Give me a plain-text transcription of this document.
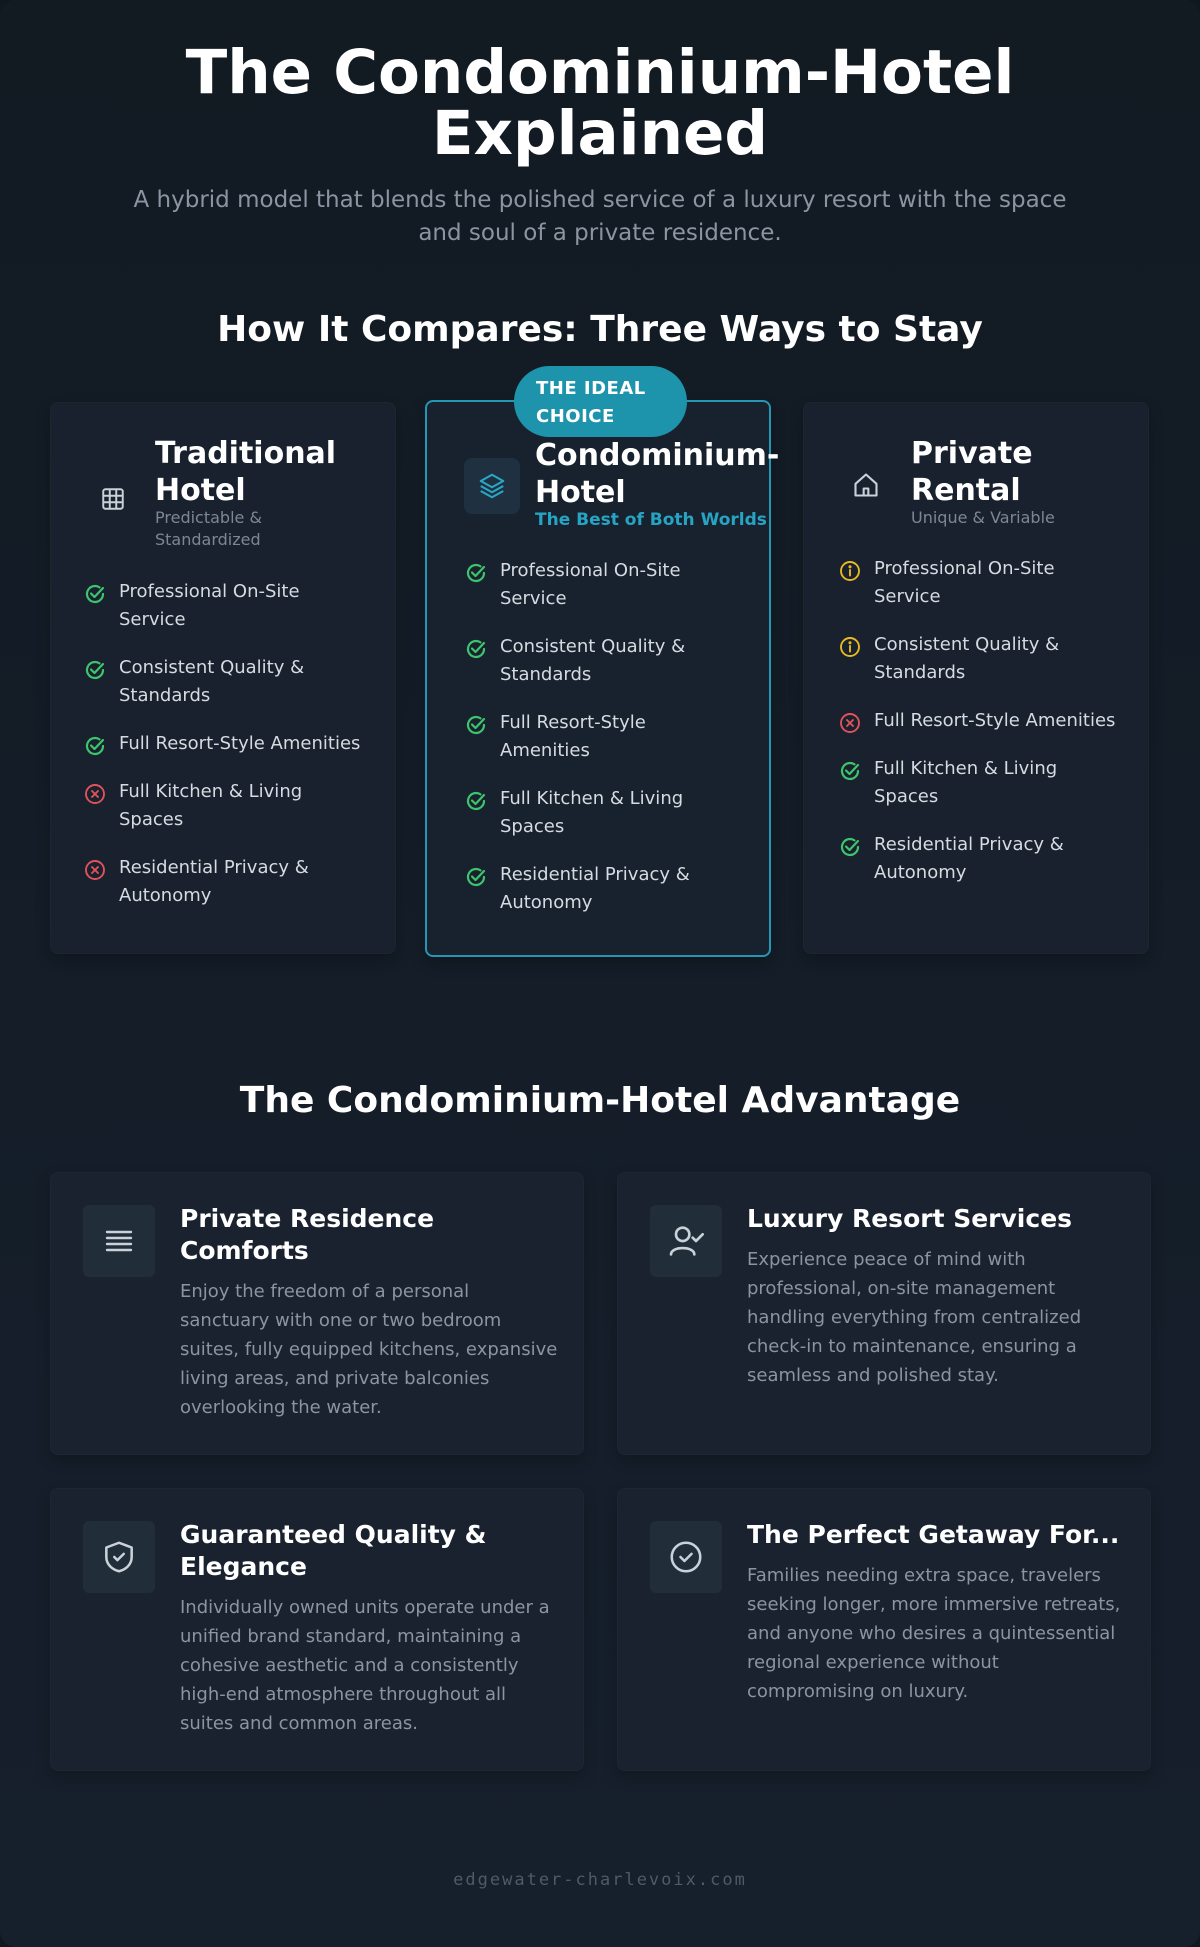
The Condominium-Hotel Explained

A hybrid model that blends the polished service of a luxury resort with the space and soul of a private residence.

How It Compares: Three Ways to Stay
THE IDEAL CHOICE
Traditional Hotel
Predictable & Standardized
Professional On-Site Service
Consistent Quality & Standards
Full Resort-Style Amenities
Full Kitchen & Living Spaces
Residential Privacy & Autonomy
Condominium-Hotel
The Best of Both Worlds
Professional On-Site Service
Consistent Quality & Standards
Full Resort-Style Amenities
Full Kitchen & Living Spaces
Residential Privacy & Autonomy
Private Rental
Unique & Variable
Professional On-Site Service
Consistent Quality & Standards
Full Resort-Style Amenities
Full Kitchen & Living Spaces
Residential Privacy & Autonomy
The Condominium-Hotel Advantage
Private Residence Comforts
Enjoy the freedom of a personal sanctuary with one or two bedroom suites, fully equipped kitchens, expansive living areas, and private balconies overlooking the water.
Luxury Resort Services
Experience peace of mind with professional, on-site management handling everything from centralized check-in to maintenance, ensuring a seamless and polished stay.
Guaranteed Quality & Elegance
Individually owned units operate under a unified brand standard, maintaining a cohesive aesthetic and a consistently high-end atmosphere throughout all suites and common areas.
The Perfect Getaway For...
Families needing extra space, travelers seeking longer, more immersive retreats, and anyone who desires a quintessential regional experience without compromising on luxury.
edgewater-charlevoix.com
